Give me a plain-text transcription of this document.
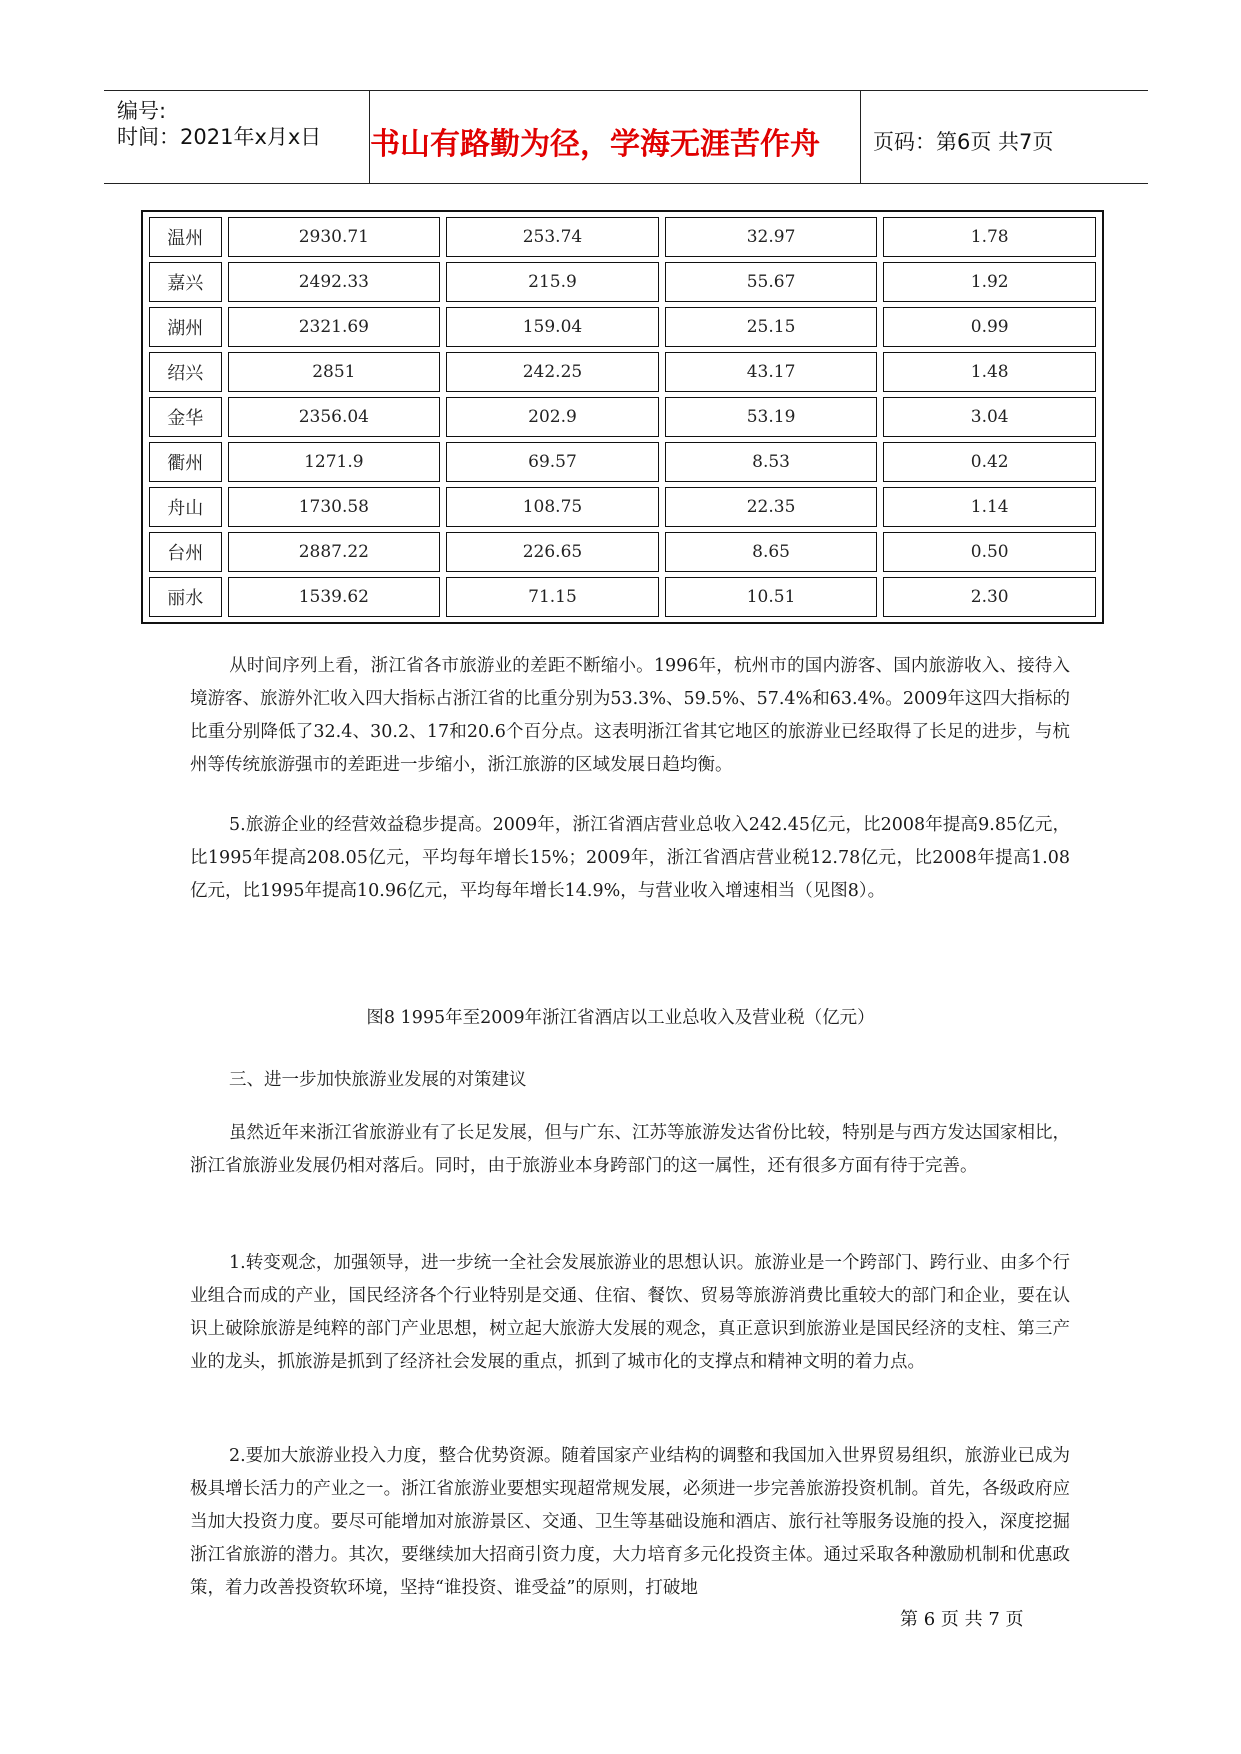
编号:
时间：2021年x月x日 书山有路勤为径，学海无涯苦作舟	页码：第6页 共7页
温州	2930.71	253.74	32.97	1.78
嘉兴	2492.33	215.9	55.67	1.92
湖州	2321.69	159.04	25.15	0.99
绍兴	2851	242.25	43.17	1.48
金华	2356.04	202.9	53.19	3.04
衢州	1271.9	69.57	8.53	0.42
舟山	1730.58	108.75	22.35	1.14
台州	2887.22	226.65	8.65	0.50
丽水	1539.62	71.15	10.51	2.30
从时间序列上看，浙江省各市旅游业的差距不断缩小。1996年，杭州市的国内游客、国内旅游收入、接待入境游客、旅游外汇收入四大指标占浙江省的比重分别为53.3%、59.5%、57.4%和63.4%。2009年这四大指标的比重分别降低了32.4、30.2、17和20.6个百分点。这表明浙江省其它地区的旅游业已经取得了长足的进步，与杭州等传统旅游强市的差距进一步缩小，浙江旅游的区域发展日趋均衡。
5.旅游企业的经营效益稳步提高。2009年，浙江省酒店营业总收入242.45亿元，比2008年提高9.85亿元，比1995年提高208.05亿元，平均每年增长15%；2009年，浙江省酒店营业税12.78亿元，比2008年提高1.08亿元，比1995年提高10.96亿元，平均每年增长14.9%，与营业收入增速相当（见图8）。
图8 1995年至2009年浙江省酒店以工业总收入及营业税（亿元）
三、进一步加快旅游业发展的对策建议
虽然近年来浙江省旅游业有了长足发展，但与广东、江苏等旅游发达省份比较，特别是与西方发达国家相比，浙江省旅游业发展仍相对落后。同时，由于旅游业本身跨部门的这一属性，还有很多方面有待于完善。
1.转变观念，加强领导，进一步统一全社会发展旅游业的思想认识。旅游业是一个跨部门、跨行业、由多个行业组合而成的产业，国民经济各个行业特别是交通、住宿、餐饮、贸易等旅游消费比重较大的部门和企业，要在认识上破除旅游是纯粹的部门产业思想，树立起大旅游大发展的观念，真正意识到旅游业是国民经济的支柱、第三产业的龙头，抓旅游是抓到了经济社会发展的重点，抓到了城市化的支撑点和精神文明的着力点。
2.要加大旅游业投入力度，整合优势资源。随着国家产业结构的调整和我国加入世界贸易组织，旅游业已成为极具增长活力的产业之一。浙江省旅游业要想实现超常规发展，必须进一步完善旅游投资机制。首先，各级政府应当加大投资力度。要尽可能增加对旅游景区、交通、卫生等基础设施和酒店、旅行社等服务设施的投入，深度挖掘浙江省旅游的潜力。其次，要继续加大招商引资力度，大力培育多元化投资主体。通过采取各种激励机制和优惠政策，着力改善投资软环境，坚持“谁投资、谁受益”的原则，打破地
第 6 页 共 7 页
